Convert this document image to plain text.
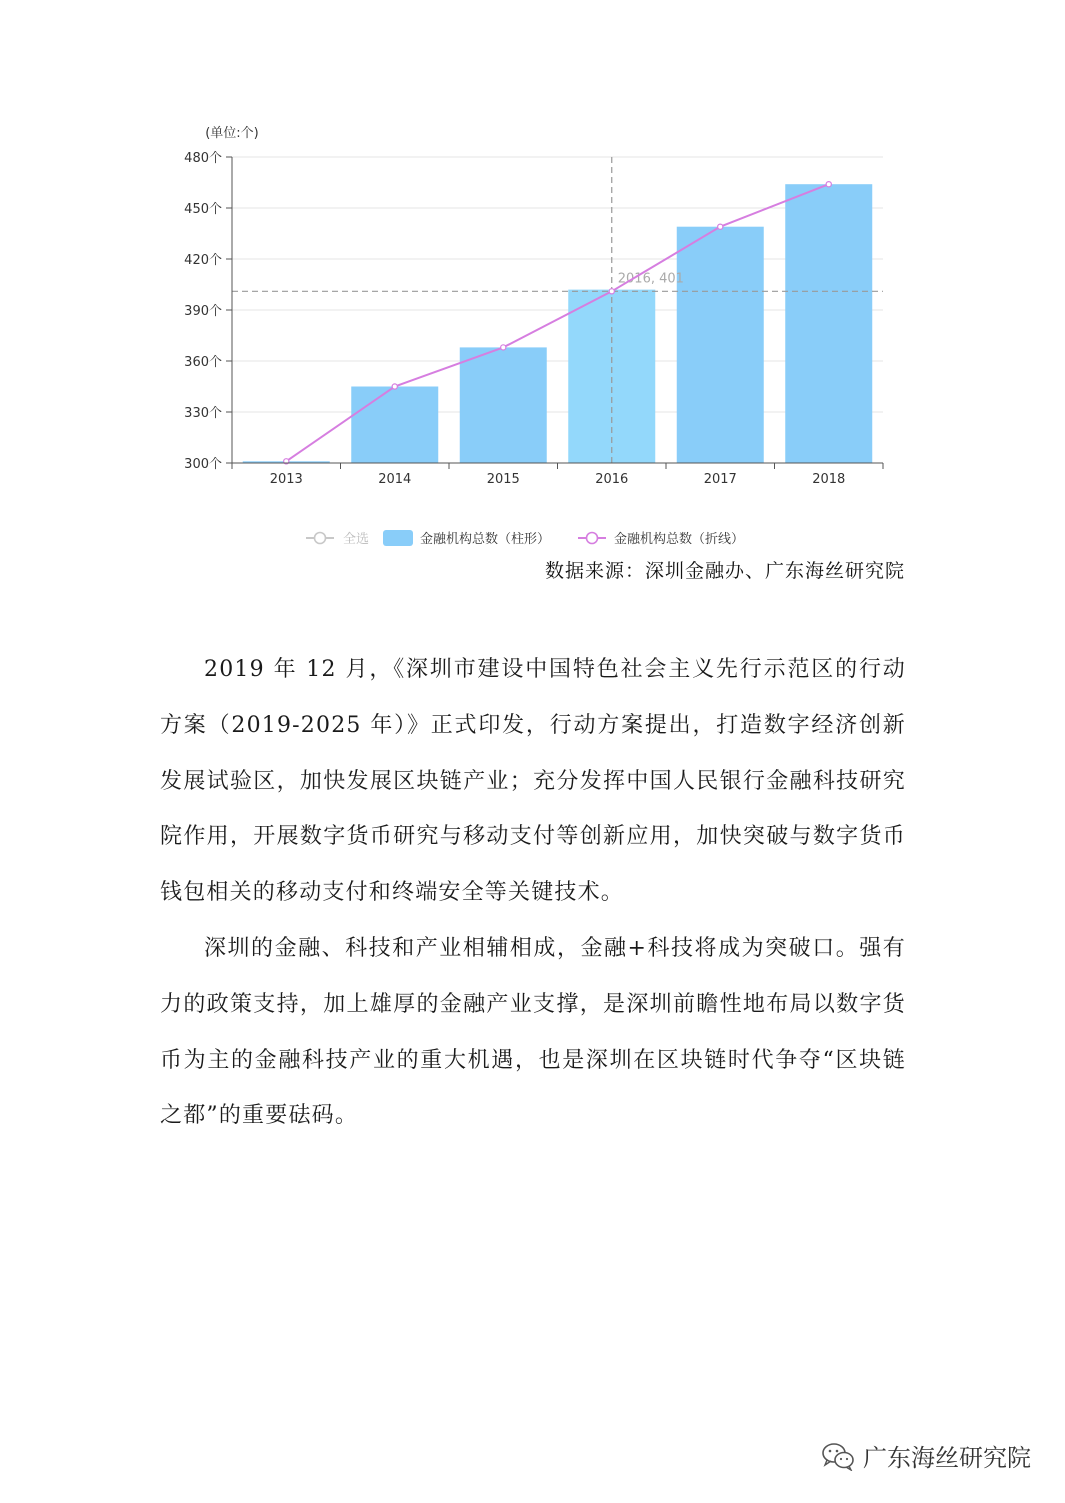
(单位:个)
2016, 401
300个
330个
360个
390个
420个
450个
480个
2013	2014	2015	2016	2017	2018
全选	金融机构总数（柱形）	金融机构总数（折线）
数据来源：深圳金融办、广东海丝研究院

2019 年 12 月，《深圳市建设中国特色社会主义先行示范区的行动方案（2019-2025 年）》正式印发，行动方案提出，打造数字经济创新发展试验区，加快发展区块链产业；充分发挥中国人民银行金融科技研究院作用，开展数字货币研究与移动支付等创新应用，加快突破与数字货币钱包相关的移动支付和终端安全等关键技术。

深圳的金融、科技和产业相辅相成，金融+科技将成为突破口。强有力的政策支持，加上雄厚的金融产业支撑，是深圳前瞻性地布局以数字货币为主的金融科技产业的重大机遇，也是深圳在区块链时代争夺“区块链之都”的重要砝码。

广东海丝研究院
